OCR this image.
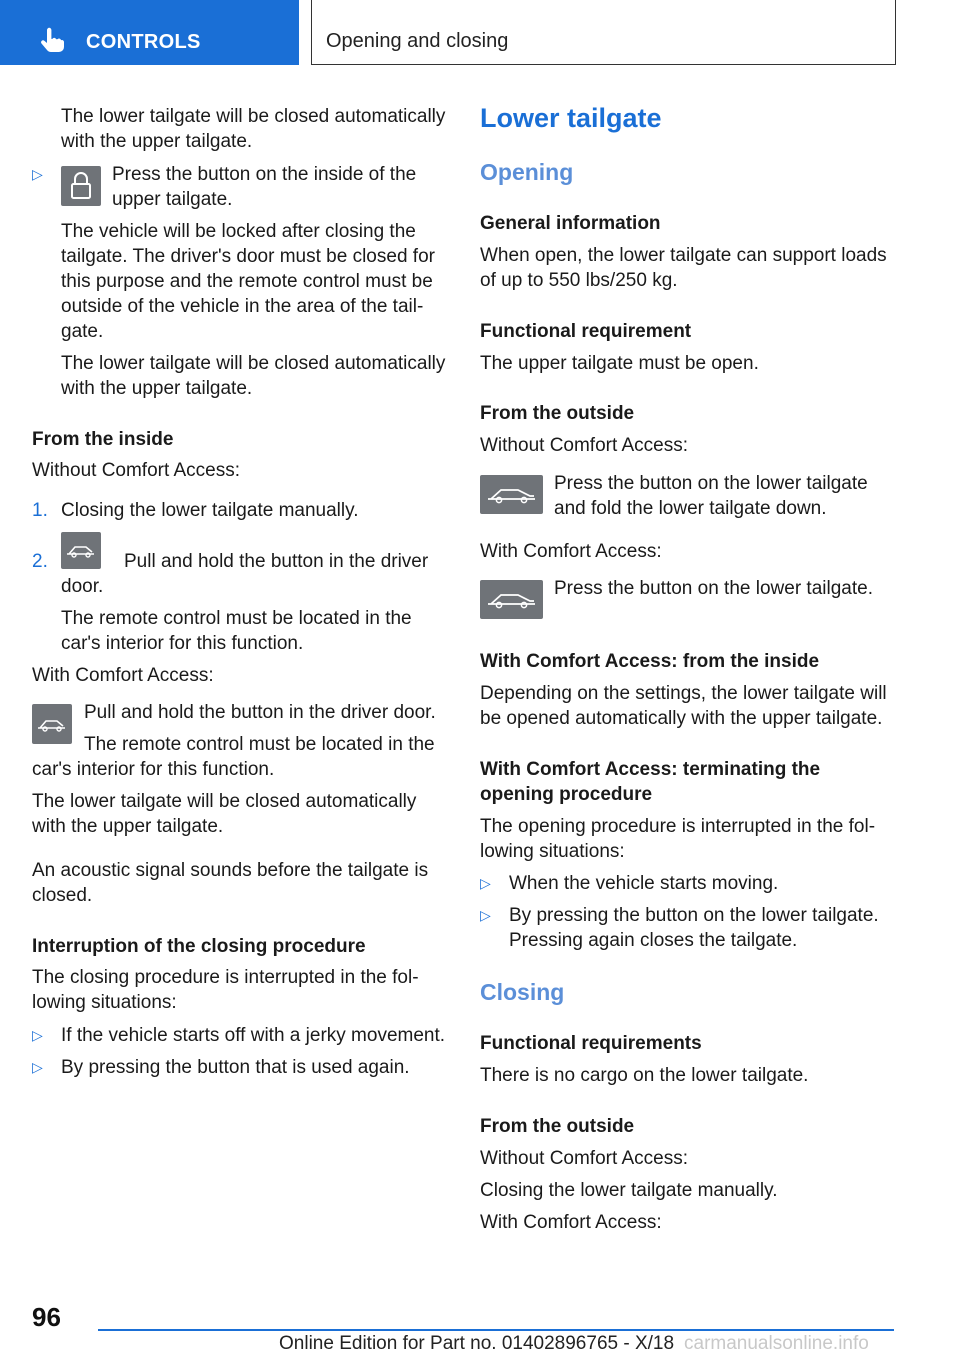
CONTROLS	Opening and closing
The lower tailgate will be closed automatically
with the upper tailgate.
▷	Press the button on the inside of the
upper tailgate.
The vehicle will be locked after closing the
tailgate. The driver's door must be closed for
this purpose and the remote control must be
outside of the vehicle in the area of the tail-
gate.
The lower tailgate will be closed automatically
with the upper tailgate.
From the inside
Without Comfort Access:
1. Closing the lower tailgate manually.
2.	Pull and hold the button in the driver
door.
The remote control must be located in the
car's interior for this function.
With Comfort Access:
Pull and hold the button in the driver door.
The remote control must be located in the
car's interior for this function.
The lower tailgate will be closed automatically
with the upper tailgate.
An acoustic signal sounds before the tailgate is
closed.
Interruption of the closing procedure
The closing procedure is interrupted in the fol-
lowing situations:
▷ If the vehicle starts off with a jerky movement.
▷ By pressing the button that is used again.
Lower tailgate
Opening
General information
When open, the lower tailgate can support loads
of up to 550 lbs/250 kg.
Functional requirement
The upper tailgate must be open.
From the outside
Without Comfort Access:
Press the button on the lower tailgate
and fold the lower tailgate down.
With Comfort Access:
Press the button on the lower tailgate.
With Comfort Access: from the inside
Depending on the settings, the lower tailgate will
be opened automatically with the upper tailgate.
With Comfort Access: terminating the
opening procedure
The opening procedure is interrupted in the fol-
lowing situations:
▷ When the vehicle starts moving.
▷ By pressing the button on the lower tailgate.
Pressing again closes the tailgate.
Closing
Functional requirements
There is no cargo on the lower tailgate.
From the outside
Without Comfort Access:
Closing the lower tailgate manually.
With Comfort Access:
96
Online Edition for Part no. 01402896765 - X/18 carmanualsonline.info
